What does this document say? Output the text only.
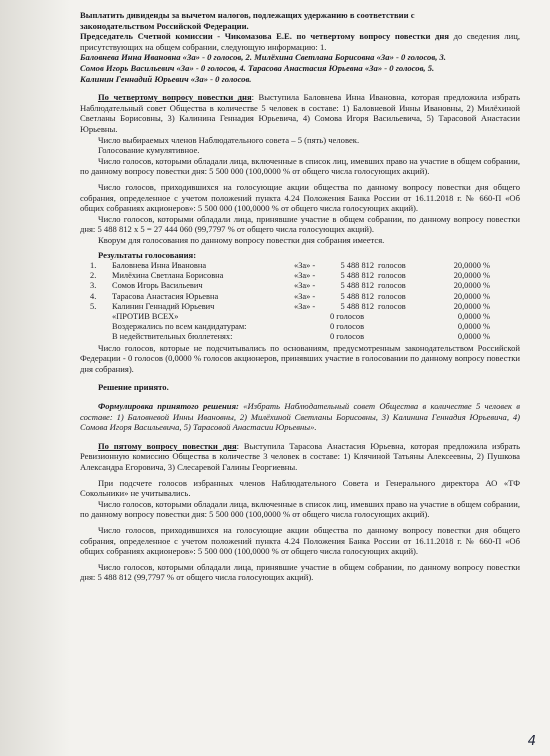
Выплатить дивиденды за вычетом налогов, подлежащих удержанию в соответствии с

законодательством Российской Федерации.

Председатель Счетной комиссии - Чикомазова Е.Е. по четвертому вопросу повестки дня до сведения лиц, присутствующих на общем собрании, следующую информацию: 1.

Баловнева Инна Ивановна «За» - 0 голосов, 2. Милёхина Светлана Борисовна «За» - 0 голосов, 3.

Сомов Игорь Васильевич «За» - 0 голосов, 4. Тарасова Анастасия Юрьевна «За» - 0 голосов, 5.

Калинин Геннадий Юрьевич «За» - 0 голосов.

По четвертому вопросу повестки дня: Выступила Баловнева Инна Ивановна, которая предложила избрать Наблюдательный совет Общества в количестве 5 человек в составе: 1) Баловневой Инны Ивановны, 2) Милёхиной Светланы Борисовны, 3) Калинина Геннадия Юрьевича, 4) Сомова Игоря Васильевича, 5) Тарасовой Анастасии Юрьевны.

Число выбираемых членов Наблюдательного совета – 5 (пять) человек.

Голосование кумулятивное.

Число голосов, которыми обладали лица, включенные в список лиц, имевших право на участие в общем собрании, по данному вопросу повестки дня: 5 500 000 (100,0000 % от общего числа голосующих акций).

Число голосов, приходившихся на голосующие акции общества по данному вопросу повестки дня общего собрания, определенное с учетом положений пункта 4.24 Положения Банка России от 16.11.2018 г. № 660-П «Об общих собраниях акционеров»: 5 500 000 (100,0000 % от общего числа голосующих акций).

Число голосов, которыми обладали лица, принявшие участие в общем собрании, по данному вопросу повестки дня: 5 488 812 х 5 = 27 444 060 (99,7797 % от общего числа голосующих акций).

Кворум для голосования по данному вопросу повестки дня собрания имеется.

Результаты голосования:

1.	Баловнева Инна Ивановна	«За» -	5 488 812	голосов	20,0000 %
2.	Милёхина Светлана Борисовна	«За» -	5 488 812	голосов	20,0000 %
3.	Сомов Игорь Васильевич	«За» -	5 488 812	голосов	20,0000 %
4.	Тарасова Анастасия Юрьевна	«За» -	5 488 812	голосов	20,0000 %
5.	Калинин Геннадий Юрьевич	«За» -	5 488 812	голосов	20,0000 %
	«ПРОТИВ ВСЕХ»		0 голосов		0,0000 %
	Воздержались по всем кандидатурам:		0 голосов		0,0000 %
	В недействительных бюллетенях:		0 голосов		0,0000 %

Число голосов, которые не подсчитывались по основаниям, предусмотренным законодательством Российской Федерации - 0 голосов (0,0000 % голосов акционеров, принявших участие в голосовании по данному вопросу повестки дня собрания).

Решение принято.

Формулировка принятого решения: «Избрать Наблюдательный совет Общества в количестве 5 человек в составе: 1) Баловневой Инны Ивановны, 2) Милёхиной Светланы Борисовны, 3) Калинина Геннадия Юрьевича, 4) Сомова Игоря Васильевича, 5) Тарасовой Анастасии Юрьевны».

По пятому вопросу повестки дня: Выступила Тарасова Анастасия Юрьевна, которая предложила избрать Ревизионную комиссию Общества в количестве 3 человек в составе: 1) Клячиной Татьяны Алексеевны, 2) Пушкова Александра Егоровича, 3) Слесаревой Галины Георгиевны.

При подсчете голосов избранных членов Наблюдательного Совета и Генерального директора АО «ТФ Сокольники» не учитывались.

Число голосов, которыми обладали лица, включенные в список лиц, имевших право на участие в общем собрании, по данному вопросу повестки дня: 5 500 000 (100,0000 % от общего числа голосующих акций).

Число голосов, приходившихся на голосующие акции общества по данному вопросу повестки дня общего собрания, определенное с учетом положений пункта 4.24 Положения Банка России от 16.11.2018 г. № 660-П «Об общих собраниях акционеров»: 5 500 000 (100,0000 % от общего числа голосующих акций).

Число голосов, которыми обладали лица, принявшие участие в общем собрании, по данному вопросу повестки дня: 5 488 812 (99,7797 % от общего числа голосующих акций).

4
